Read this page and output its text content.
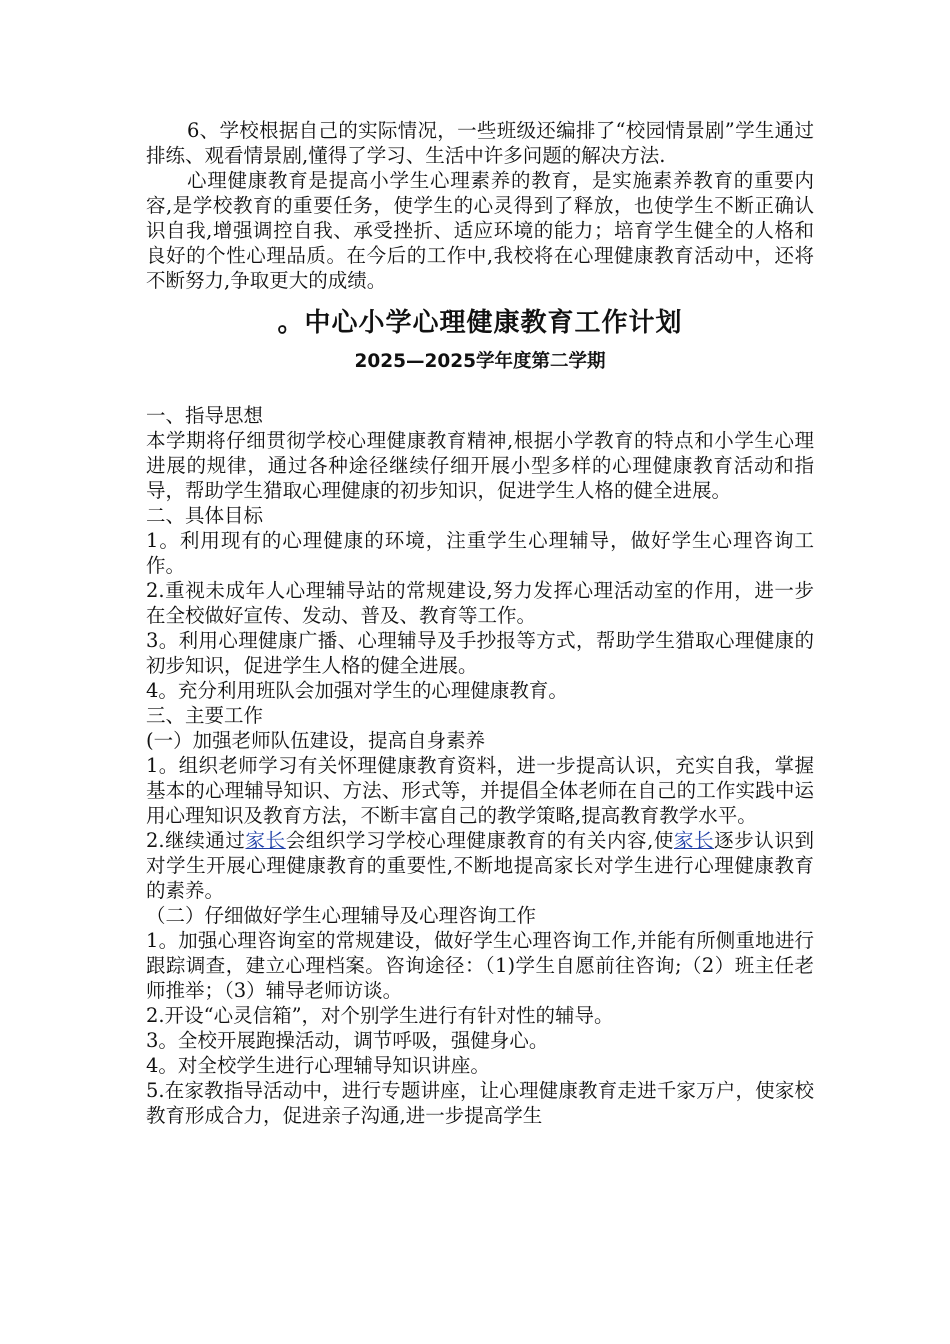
6、学校根据自己的实际情况，一些班级还编排了“校园情景剧”学生通过排练、观看情景剧,懂得了学习、生活中许多问题的解决方法.

心理健康教育是提高小学生心理素养的教育，是实施素养教育的重要内容,是学校教育的重要任务，使学生的心灵得到了释放，也使学生不断正确认识自我,增强调控自我、承受挫折、适应环境的能力；培育学生健全的人格和良好的个性心理品质。在今后的工作中,我校将在心理健康教育活动中，还将不断努力,争取更大的成绩。

。中心小学心理健康教育工作计划
2025—2025学年度第二学期

一、指导思想

本学期将仔细贯彻学校心理健康教育精神,根据小学教育的特点和小学生心理进展的规律，通过各种途径继续仔细开展小型多样的心理健康教育活动和指导，帮助学生猎取心理健康的初步知识，促进学生人格的健全进展。

二、具体目标

1。利用现有的心理健康的环境，注重学生心理辅导，做好学生心理咨询工作。

2.重视未成年人心理辅导站的常规建设,努力发挥心理活动室的作用，进一步在全校做好宣传、发动、普及、教育等工作。

3。利用心理健康广播、心理辅导及手抄报等方式，帮助学生猎取心理健康的初步知识，促进学生人格的健全进展。

4。充分利用班队会加强对学生的心理健康教育。

三、主要工作

(一）加强老师队伍建设，提高自身素养

1。组织老师学习有关怀理健康教育资料，进一步提高认识，充实自我，掌握基本的心理辅导知识、方法、形式等，并提倡全体老师在自己的工作实践中运用心理知识及教育方法，不断丰富自己的教学策略,提高教育教学水平。

2.继续通过家长会组织学习学校心理健康教育的有关内容,使家长逐步认识到对学生开展心理健康教育的重要性,不断地提高家长对学生进行心理健康教育的素养。

（二）仔细做好学生心理辅导及心理咨询工作

1。加强心理咨询室的常规建设，做好学生心理咨询工作,并能有所侧重地进行跟踪调查，建立心理档案。咨询途径：（1)学生自愿前往咨询;（2）班主任老师推举；（3）辅导老师访谈。

2.开设“心灵信箱”，对个别学生进行有针对性的辅导。

3。全校开展跑操活动，调节呼吸，强健身心。

4。对全校学生进行心理辅导知识讲座。

5.在家教指导活动中，进行专题讲座，让心理健康教育走进千家万户，使家校教育形成合力，促进亲子沟通,进一步提高学生
